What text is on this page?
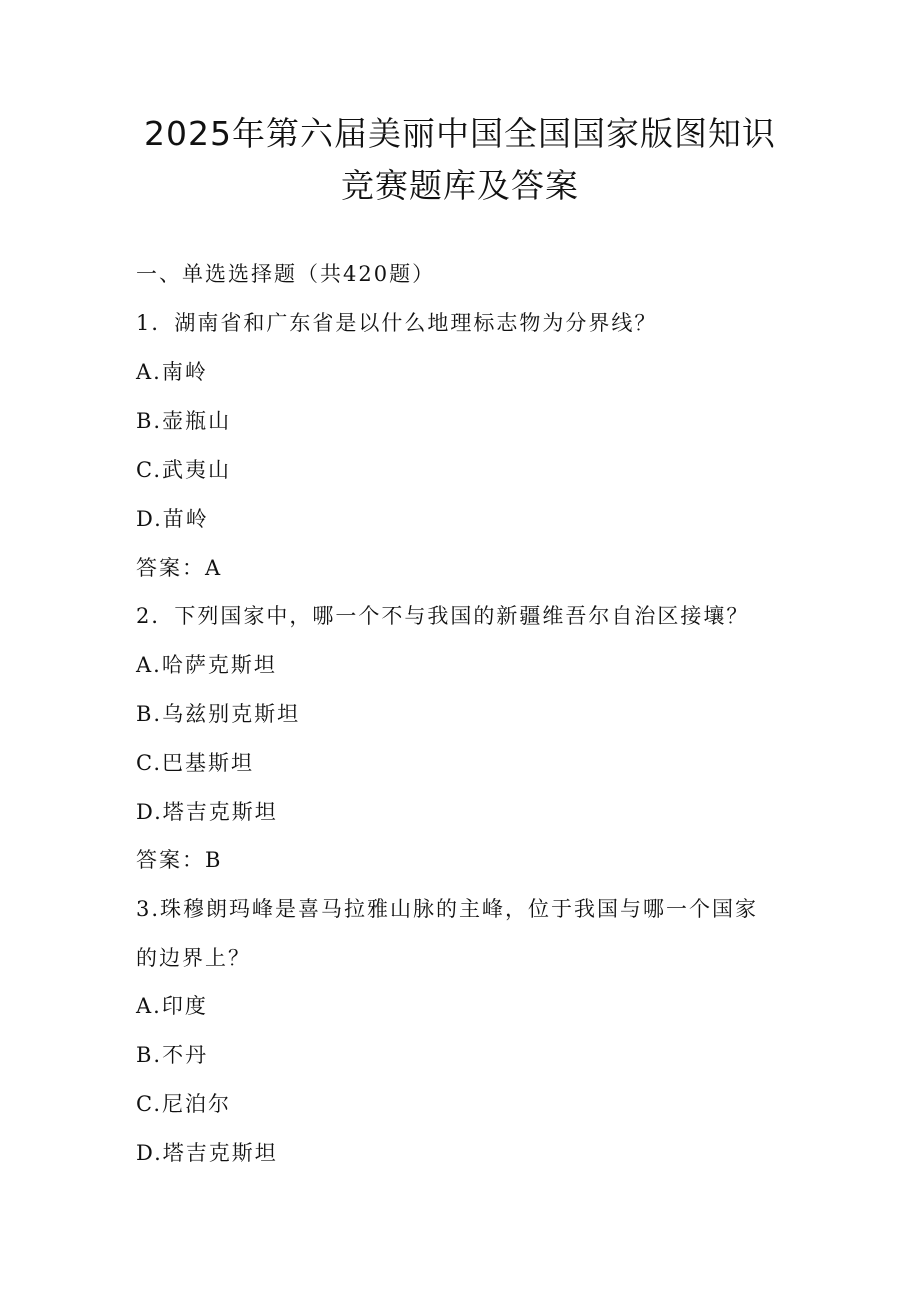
2025年第六届美丽中国全国国家版图知识
竞赛题库及答案
一、单选选择题（共420题）
1．湖南省和广东省是以什么地理标志物为分界线？
A.南岭
B.壶瓶山
C.武夷山
D.苗岭
答案：A
2．下列国家中，哪一个不与我国的新疆维吾尔自治区接壤？
A.哈萨克斯坦
B.乌兹别克斯坦
C.巴基斯坦
D.塔吉克斯坦
答案：B
3.珠穆朗玛峰是喜马拉雅山脉的主峰，位于我国与哪一个国家
的边界上？
A.印度
B.不丹
C.尼泊尔
D.塔吉克斯坦
